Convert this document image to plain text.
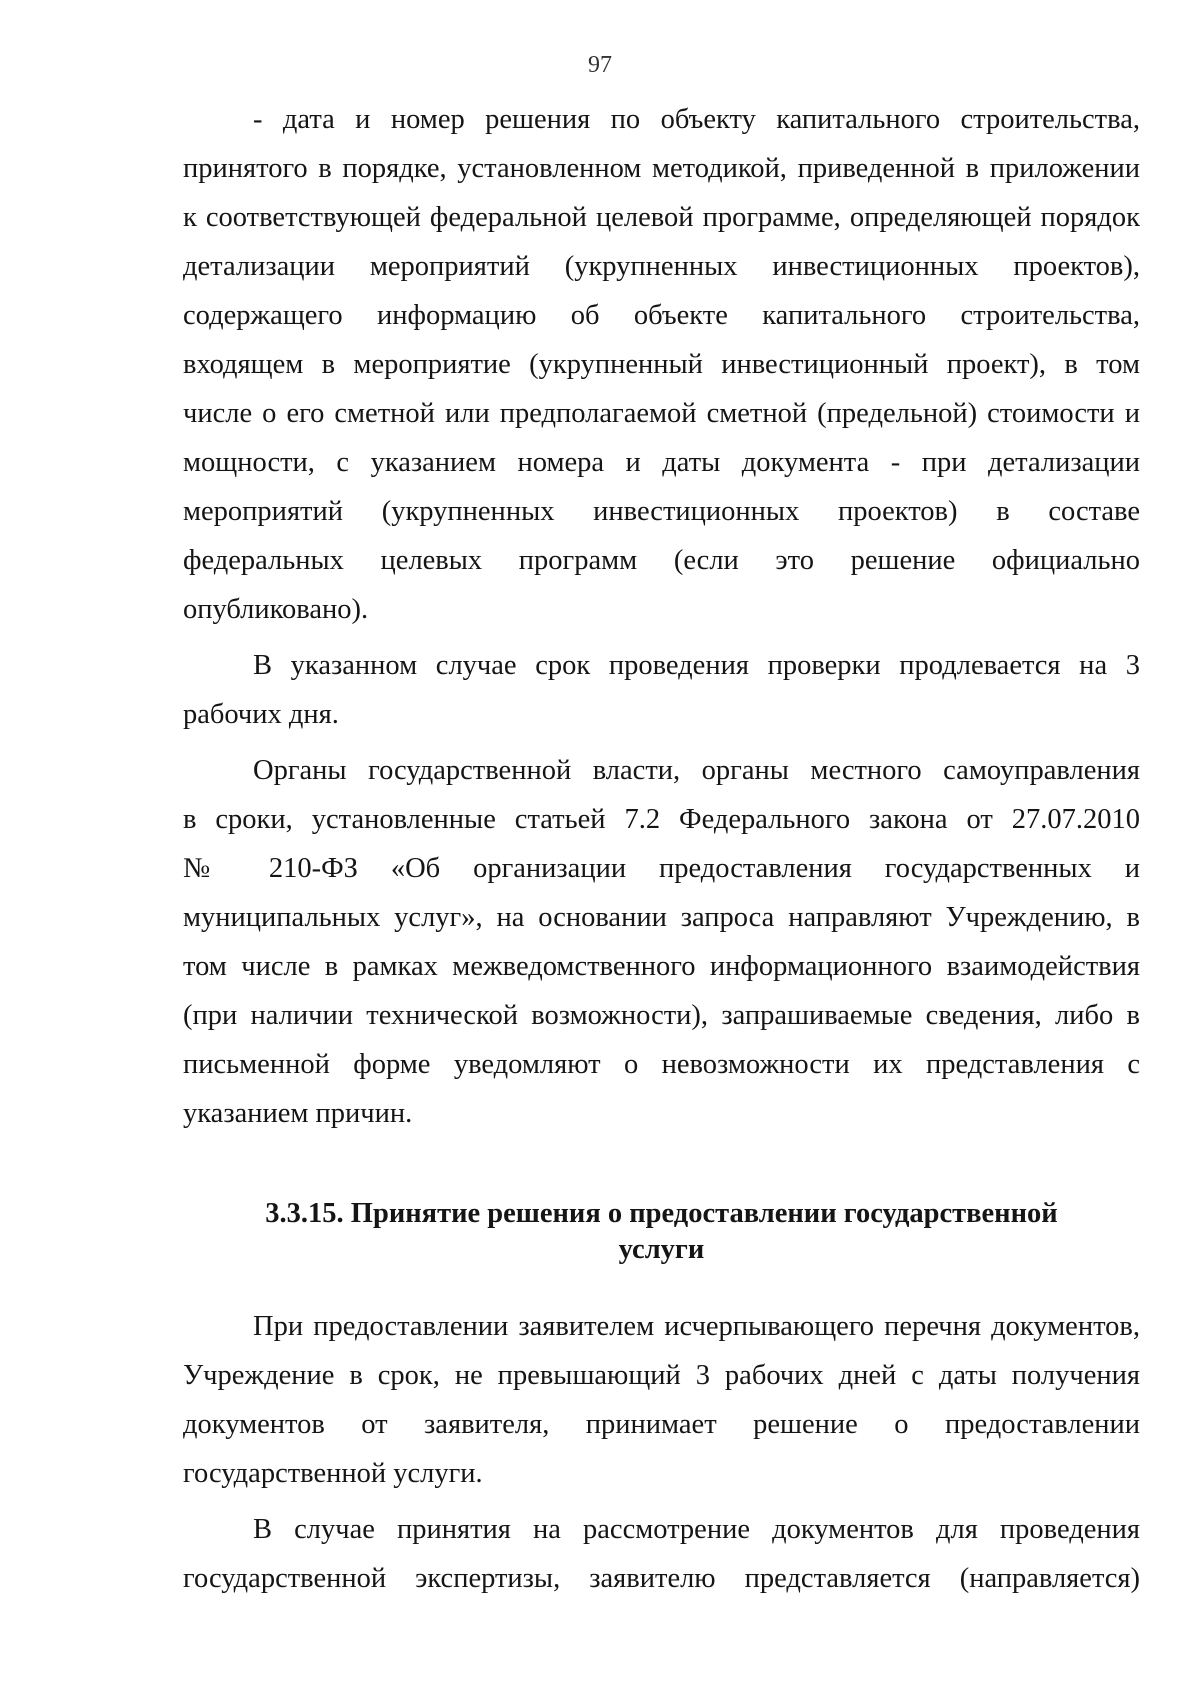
97

- дата и номер решения по объекту капитального строительства,
принятого в порядке, установленном методикой, приведенной в приложении
к соответствующей федеральной целевой программе, определяющей порядок
детализации мероприятий (укрупненных инвестиционных проектов),
содержащего информацию об объекте капитального строительства,
входящем в мероприятие (укрупненный инвестиционный проект), в том
числе о его сметной или предполагаемой сметной (предельной) стоимости и
мощности, с указанием номера и даты документа - при детализации
мероприятий (укрупненных инвестиционных проектов) в составе
федеральных целевых программ (если это решение официально

опубликовано).

В указанном случае срок проведения проверки продлевается на 3

рабочих дня.

Органы государственной власти, органы местного самоуправления
в сроки, установленные статьей 7.2 Федерального закона от 27.07.2010
№ 210-ФЗ «Об организации предоставления государственных и
муниципальных услуг», на основании запроса направляют Учреждению, в
том числе в рамках межведомственного информационного взаимодействия
(при наличии технической возможности), запрашиваемые сведения, либо в
письменной форме уведомляют о невозможности их представления с

указанием причин.

3.3.15. Принятие решения о предоставлении государственной
услуги

При предоставлении заявителем исчерпывающего перечня документов,
Учреждение в срок, не превышающий 3 рабочих дней с даты получения
документов от заявителя, принимает решение о предоставлении

государственной услуги.

В случае принятия на рассмотрение документов для проведения
государственной экспертизы, заявителю представляется (направляется)
